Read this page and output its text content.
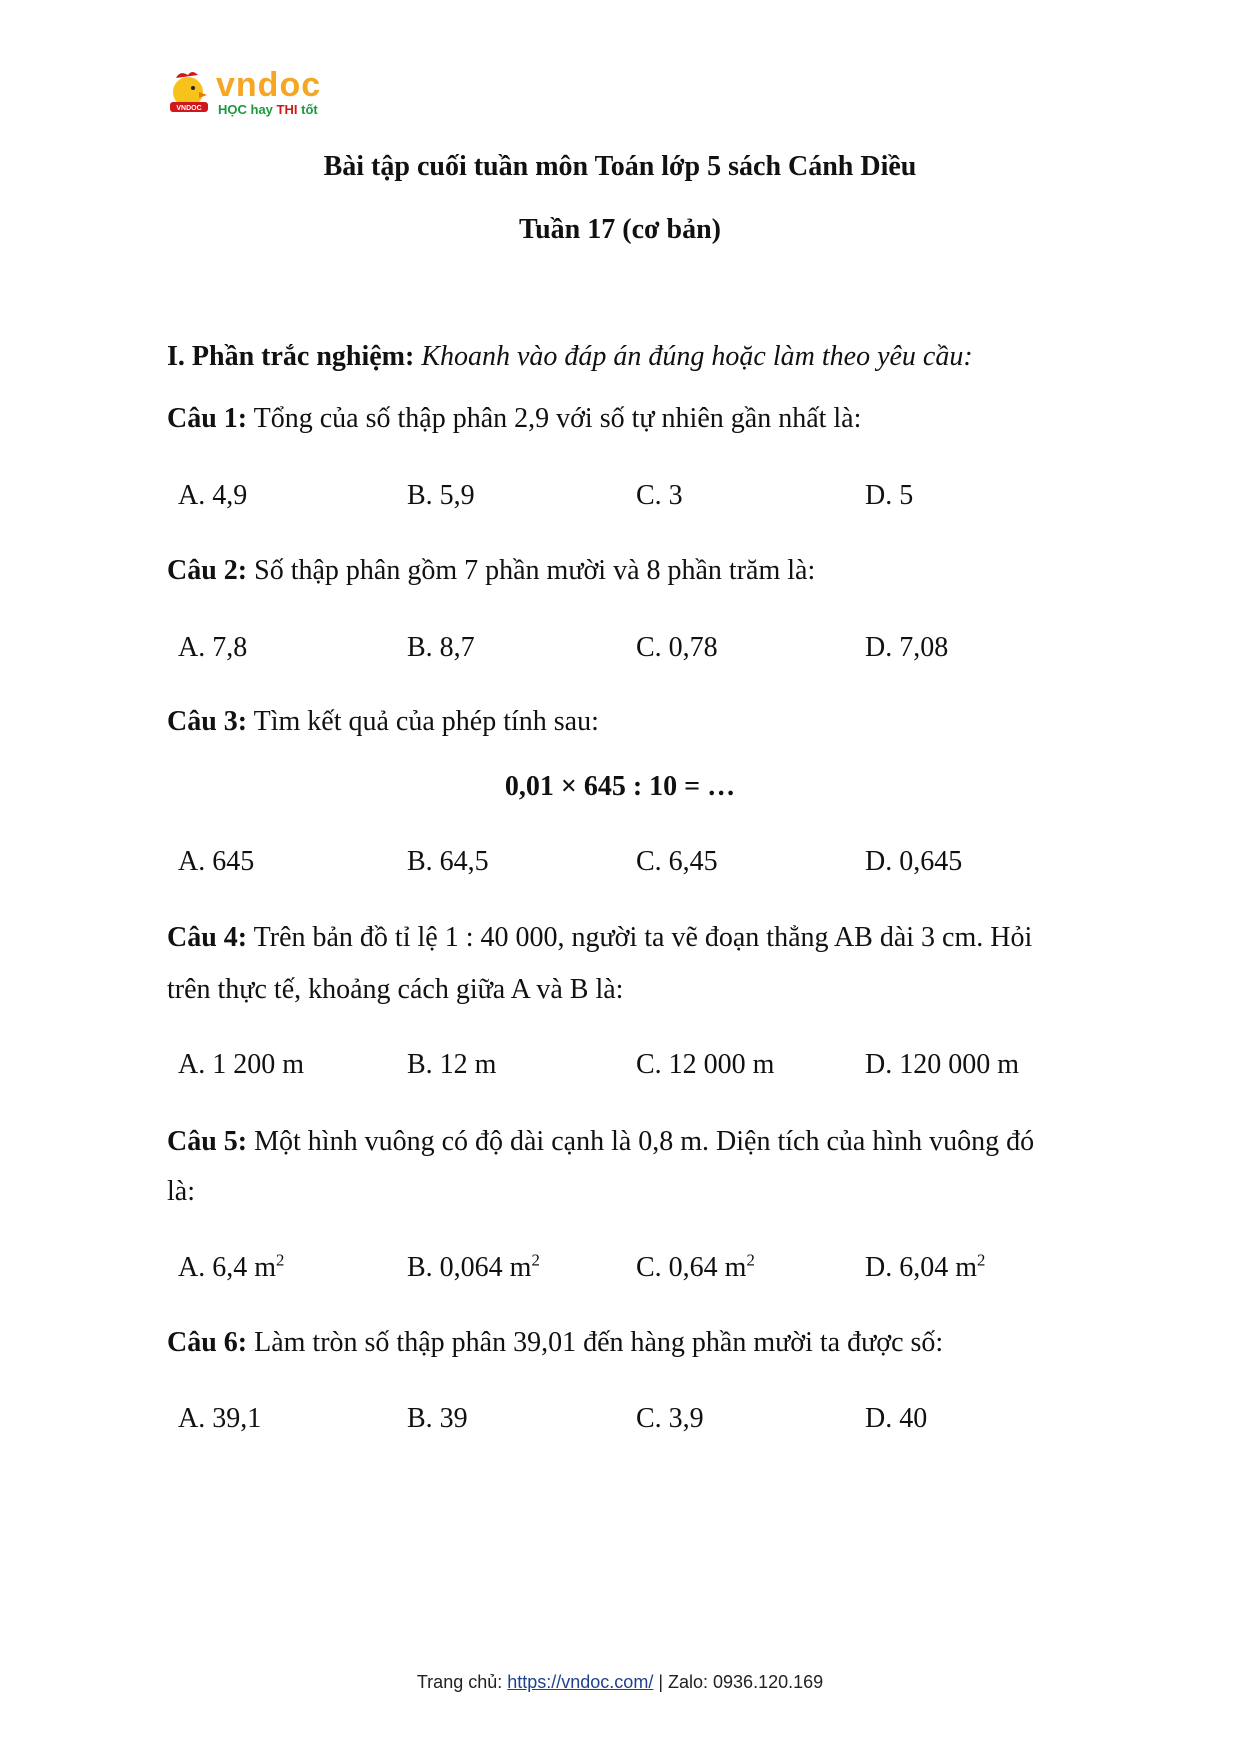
VNDOC
vndoc
HỌC hay THI tốt
Bài tập cuối tuần môn Toán lớp 5 sách Cánh Diều
Tuần 17 (cơ bản)
I. Phần trắc nghiệm: Khoanh vào đáp án đúng hoặc làm theo yêu cầu:
Câu 1: Tổng của số thập phân 2,9 với số tự nhiên gần nhất là:
A. 4,9	B. 5,9	C. 3	D. 5
Câu 2: Số thập phân gồm 7 phần mười và 8 phần trăm là:
A. 7,8	B. 8,7	C. 0,78	D. 7,08
Câu 3: Tìm kết quả của phép tính sau:
0,01 × 645 : 10 = …
A. 645	B. 64,5	C. 6,45	D. 0,645
Câu 4: Trên bản đồ tỉ lệ 1 : 40 000, người ta vẽ đoạn thẳng AB dài 3 cm. Hỏi
trên thực tế, khoảng cách giữa A và B là:
A. 1 200 m	B. 12 m	C. 12 000 m	D. 120 000 m
Câu 5: Một hình vuông có độ dài cạnh là 0,8 m. Diện tích của hình vuông đó
là:
A. 6,4 $m^2$	B. 0,064 $m^2$	C. 0,64 $m^2$	D. 6,04 $m^2$
Câu 6: Làm tròn số thập phân 39,01 đến hàng phần mười ta được số:
A. 39,1	B. 39	C. 3,9	D. 40
Trang chủ: https://vndoc.com/ | Zalo: 0936.120.169
